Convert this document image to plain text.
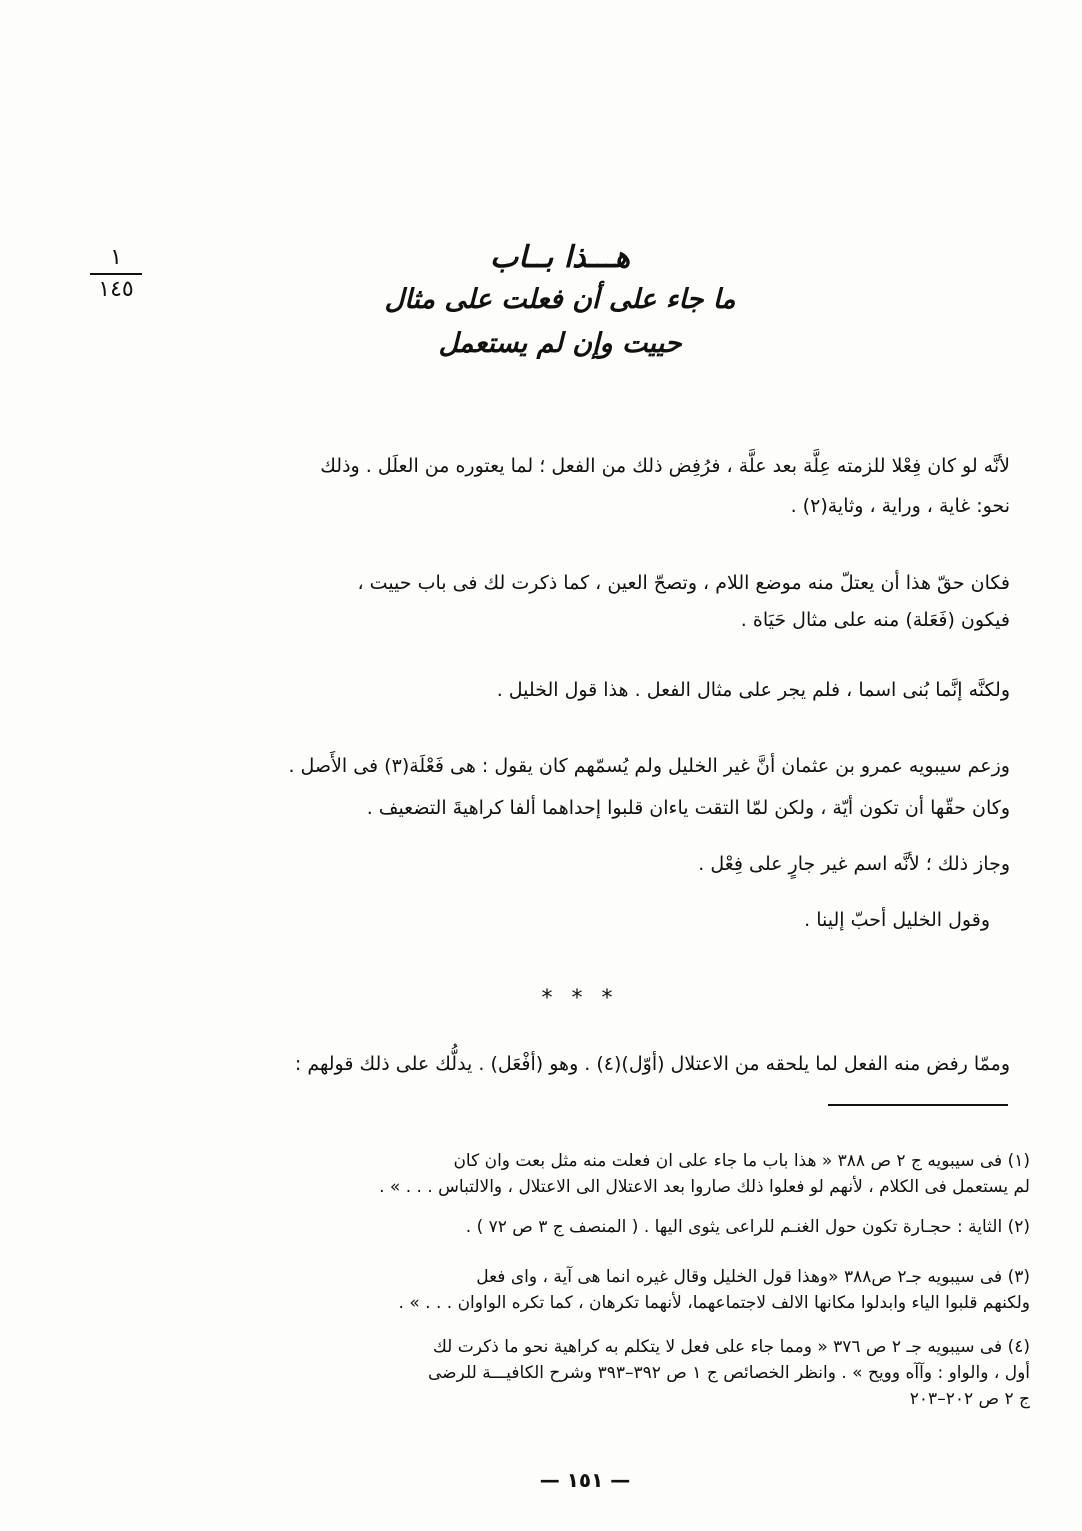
١
١٤٥
هـــذا بــاب
ما جاء على أن فعلت على مثال
حييت وإن لم يستعمل
لأنَّه لو كان فِعْلا للزمته عِلَّة بعد علَّة ، فرُفِض ذلك من الفعل ؛ لما يعتوره من العلَل . وذلك
نحو: غاية ، وراية ، وثاية(٢) .
فكان حقّ هذا أن يعتلّ منه موضع اللام ، وتصحّ العين ، كما ذكرت لك فى باب حييت ،
فيكون (فَعَلة) منه على مثال حَيَاة .
ولكنَّه إنَّما بُنى اسما ، فلم يجر على مثال الفعل . هذا قول الخليل .
وزعم سيبويه عمرو بن عثمان أنَّ غير الخليل ولم يُسمّهم كان يقول : هى فَعْلَة(٣) فى الأَصل .
وكان حقّها أن تكون أيّة ، ولكن لمّا التقت ياءان قلبوا إحداهما ألفا كراهيةَ التضعيف .
وجاز ذلك ؛ لأنَّه اسم غير جارٍ على فِعْل .
وقول الخليل أحبّ إلينا .
وممّا رفض منه الفعل لما يلحقه من الاعتلال (أوّل)(٤) . وهو (أفْعَل) . يدلُّك على ذلك قولهم :
* * *
(١) فى سيبويه ج ٢ ص ٣٨٨ « هذا باب ما جاء على ان فعلت منه مثل بعت وان كان
لم يستعمل فى الكلام ، لأنهم لو فعلوا ذلك صاروا بعد الاعتلال الى الاعتلال ، والالتباس . . . » .
(٢) الثاية : حجـارة تكون حول الغنـم للراعى يثوى اليها . ( المنصف ج ٣ ص ٧٢ ) .
(٣) فى سيبويه جـ٢ ص٣٨٨ «وهذا قول الخليل وقال غيره انما هى آية ، واى فعل
ولكنهم قلبوا الياء وابدلوا مكانها الالف لاجتماعهما، لأنهما تكرهان ، كما تكره الواوان . . . » .
(٤) فى سيبويه جـ ٢ ص ٣٧٦ « ومما جاء على فعل لا يتكلم به كراهية نحو ما ذكرت لك
أول ، والواو : وآآه وويح » . وانظر الخصائص ج ١ ص ٣٩٢–٣٩٣ وشرح الكافيـــة للرضى
ج ٢ ص ٢٠٢–٢٠٣
— ١٥١ —
